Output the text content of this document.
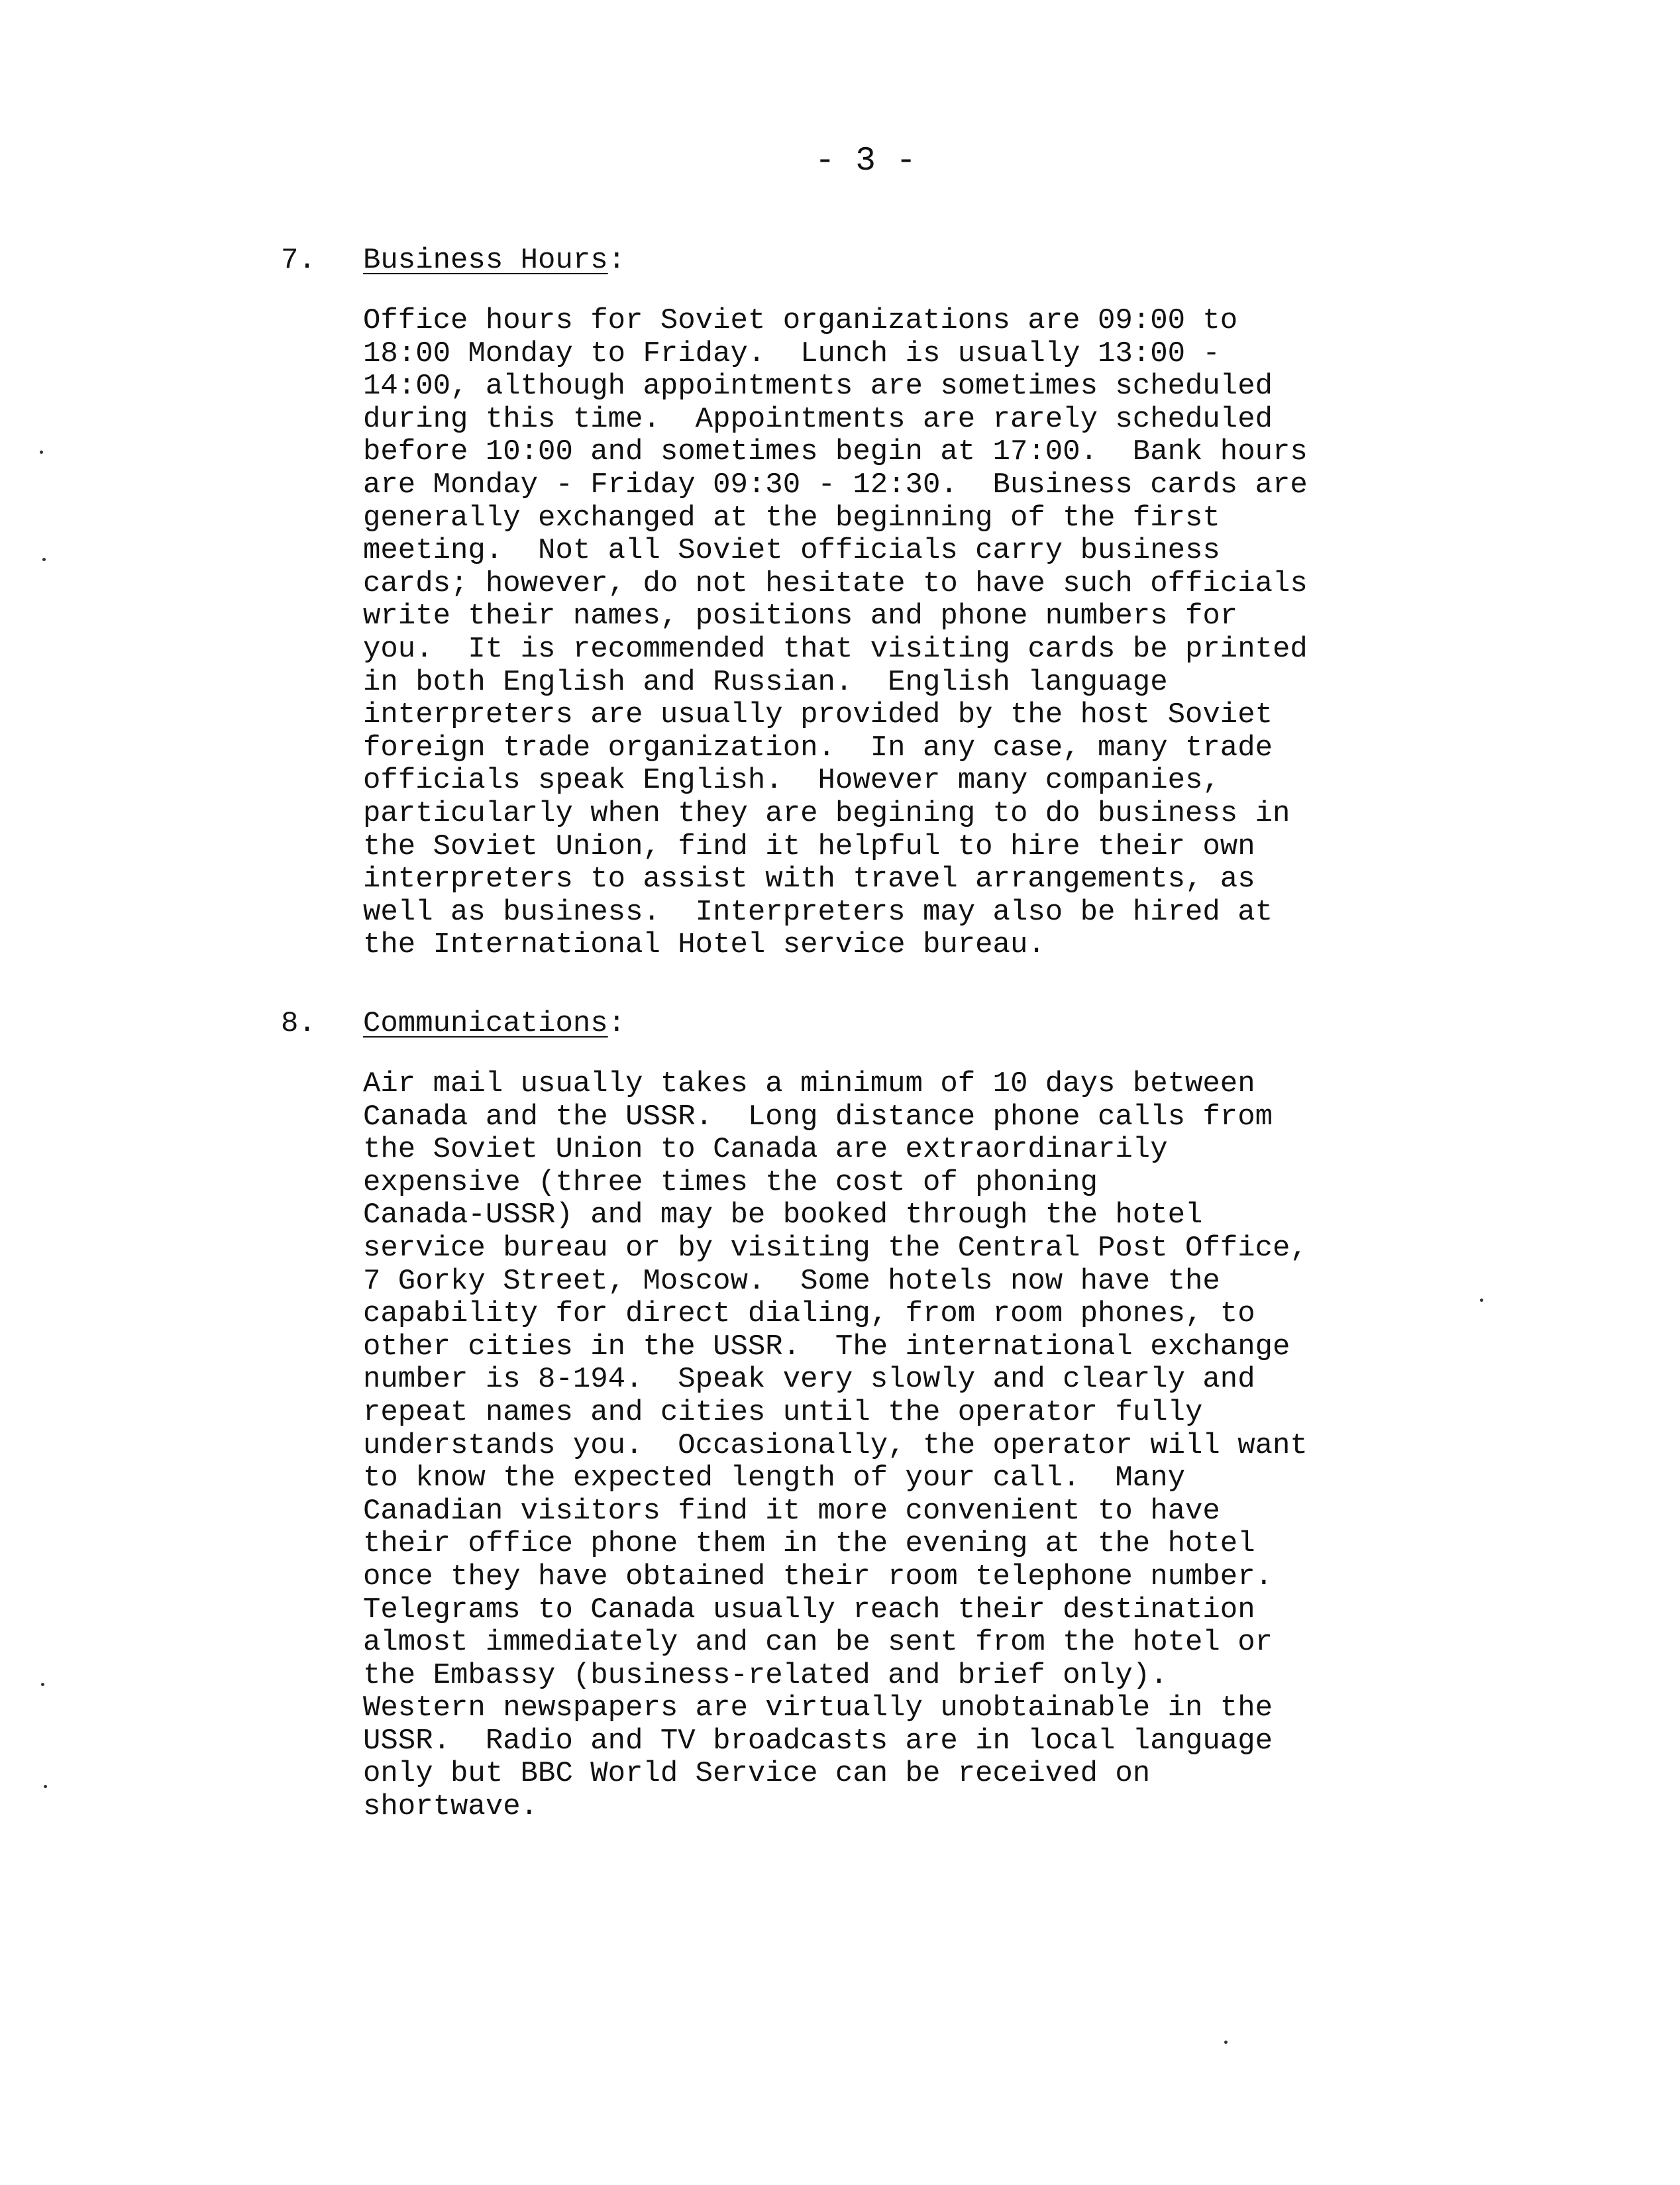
- 3 -
7.	Business Hours:
Office hours for Soviet organizations are 09:00 to
18:00 Monday to Friday.  Lunch is usually 13:00 -
14:00, although appointments are sometimes scheduled
during this time.  Appointments are rarely scheduled
before 10:00 and sometimes begin at 17:00.  Bank hours
are Monday - Friday 09:30 - 12:30.  Business cards are
generally exchanged at the beginning of the first
meeting.  Not all Soviet officials carry business
cards; however, do not hesitate to have such officials
write their names, positions and phone numbers for
you.  It is recommended that visiting cards be printed
in both English and Russian.  English language
interpreters are usually provided by the host Soviet
foreign trade organization.  In any case, many trade
officials speak English.  However many companies,
particularly when they are begining to do business in
the Soviet Union, find it helpful to hire their own
interpreters to assist with travel arrangements, as
well as business.  Interpreters may also be hired at
the International Hotel service bureau.
8.	Communications:
Air mail usually takes a minimum of 10 days between
Canada and the USSR.  Long distance phone calls from
the Soviet Union to Canada are extraordinarily
expensive (three times the cost of phoning
Canada-USSR) and may be booked through the hotel
service bureau or by visiting the Central Post Office,
7 Gorky Street, Moscow.  Some hotels now have the
capability for direct dialing, from room phones, to
other cities in the USSR.  The international exchange
number is 8-194.  Speak very slowly and clearly and
repeat names and cities until the operator fully
understands you.  Occasionally, the operator will want
to know the expected length of your call.  Many
Canadian visitors find it more convenient to have
their office phone them in the evening at the hotel
once they have obtained their room telephone number.
Telegrams to Canada usually reach their destination
almost immediately and can be sent from the hotel or
the Embassy (business-related and brief only).
Western newspapers are virtually unobtainable in the
USSR.  Radio and TV broadcasts are in local language
only but BBC World Service can be received on
shortwave.
